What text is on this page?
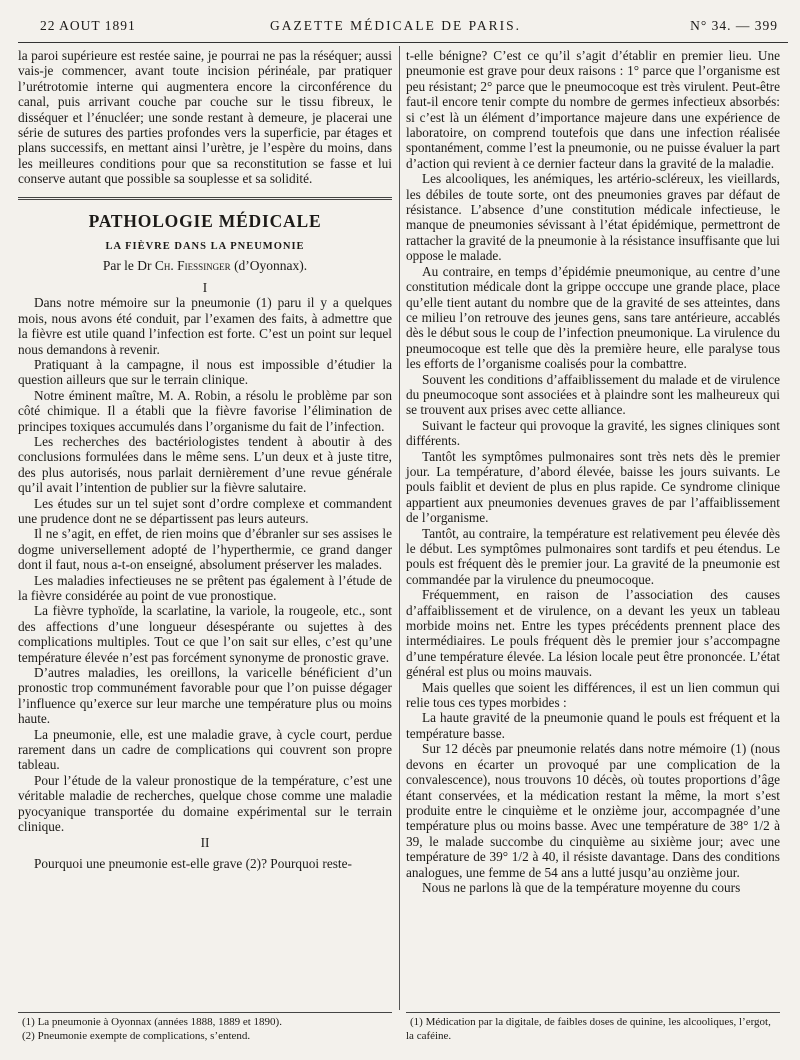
22 AOUT 1891	GAZETTE MÉDICALE DE PARIS.	N° 34. — 399

la paroi supérieure est restée saine, je pourrai ne pas la réséquer; aussi vais-je commencer, avant toute incision périnéale, par pratiquer l’urétrotomie interne qui augmentera encore la circonférence du canal, puis arrivant couche par couche sur le tissu fibreux, le disséquer et l’énucléer; une sonde restant à demeure, je placerai une série de sutures des parties profondes vers la superficie, par étages et plans successifs, en mettant ainsi l’urètre, je l’espère du moins, dans les meilleures conditions pour que sa reconstitution se fasse et lui conserve autant que possible sa souplesse et sa solidité.

PATHOLOGIE MÉDICALE
LA FIÈVRE DANS LA PNEUMONIE
Par le Dr Ch. Fiessinger (d’Oyonnax).

I

Dans notre mémoire sur la pneumonie (1) paru il y a quelques mois, nous avons été conduit, par l’examen des faits, à admettre que la fièvre est utile quand l’infection est forte. C’est un point sur lequel nous demandons à revenir.

Pratiquant à la campagne, il nous est impossible d’étudier la question ailleurs que sur le terrain clinique.

Notre éminent maître, M. A. Robin, a résolu le problème par son côté chimique. Il a établi que la fièvre favorise l’élimination de principes toxiques accumulés dans l’organisme du fait de l’infection.

Les recherches des bactériologistes tendent à aboutir à des conclusions formulées dans le même sens. L’un deux et à juste titre, des plus autorisés, nous parlait dernièrement d’une revue générale qu’il avait l’intention de publier sur la fièvre salutaire.

Les études sur un tel sujet sont d’ordre complexe et commandent une prudence dont ne se départissent pas leurs auteurs.

Il ne s’agit, en effet, de rien moins que d’ébranler sur ses assises le dogme universellement adopté de l’hyperthermie, ce grand danger dont il faut, nous a-t-on enseigné, absolument préserver les malades.

Les maladies infectieuses ne se prêtent pas également à l’étude de la fièvre considérée au point de vue pronostique.

La fièvre typhoïde, la scarlatine, la variole, la rougeole, etc., sont des affections d’une longueur désespérante ou sujettes à des complications multiples. Tout ce que l’on sait sur elles, c’est qu’une température élevée n’est pas forcément synonyme de pronostic grave.

D’autres maladies, les oreillons, la varicelle bénéficient d’un pronostic trop communément favorable pour que l’on puisse dégager l’influence qu’exerce sur leur marche une température plus ou moins haute.

La pneumonie, elle, est une maladie grave, à cycle court, perdue rarement dans un cadre de complications qui couvrent son propre tableau.

Pour l’étude de la valeur pronostique de la température, c’est une véritable maladie de recherches, quelque chose comme une maladie pyocyanique transportée du domaine expérimental sur le terrain clinique.

II

Pourquoi une pneumonie est-elle grave (2)? Pourquoi reste-

t-elle bénigne? C’est ce qu’il s’agit d’établir en premier lieu. Une pneumonie est grave pour deux raisons : 1° parce que l’organisme est peu résistant; 2° parce que le pneumocoque est très virulent. Peut-être faut-il encore tenir compte du nombre de germes infectieux absorbés: si c’est là un élément d’importance majeure dans une expérience de laboratoire, on comprend toutefois que dans une infection réalisée spontanément, comme l’est la pneumonie, ou ne puisse évaluer la part d’action qui revient à ce dernier facteur dans la gravité de la maladie.

Les alcooliques, les anémiques, les artério-scléreux, les vieillards, les débiles de toute sorte, ont des pneumonies graves par défaut de résistance. L’absence d’une constitution médicale infectieuse, le manque de pneumonies sévissant à l’état épidémique, permettront de rattacher la gravité de la pneumonie à la résistance insuffisante que lui oppose le malade.

Au contraire, en temps d’épidémie pneumonique, au centre d’une constitution médicale dont la grippe occcupe une grande place, place qu’elle tient autant du nombre que de la gravité de ses atteintes, dans ce milieu l’on retrouve des jeunes gens, sans tare antérieure, accablés dès le début sous le coup de l’infection pneumonique. La virulence du pneumocoque est telle que dès la première heure, elle paralyse tous les efforts de l’organisme coalisés pour la combattre.

Souvent les conditions d’affaiblissement du malade et de virulence du pneumocoque sont associées et à plaindre sont les malheureux qui se trouvent aux prises avec cette alliance.

Suivant le facteur qui provoque la gravité, les signes cliniques sont différents.

Tantôt les symptômes pulmonaires sont très nets dès le premier jour. La température, d’abord élevée, baisse les jours suivants. Le pouls faiblit et devient de plus en plus rapide. Ce syndrome clinique appartient aux pneumonies devenues graves de par l’affaiblissement de l’organisme.

Tantôt, au contraire, la température est relativement peu élevée dès le début. Les symptômes pulmonaires sont tardifs et peu étendus. Le pouls est fréquent dès le premier jour. La gravité de la pneumonie est commandée par la virulence du pneumocoque.

Fréquemment, en raison de l’association des causes d’affaiblissement et de virulence, on a devant les yeux un tableau morbide moins net. Entre les types précédents prennent place des intermédiaires. Le pouls fréquent dès le premier jour s’accompagne d’une température élevée. La lésion locale peut être prononcée. L’état général est plus ou moins mauvais.

Mais quelles que soient les différences, il est un lien commun qui relie tous ces types morbides :

La haute gravité de la pneumonie quand le pouls est fréquent et la température basse.

Sur 12 décès par pneumonie relatés dans notre mémoire (1) (nous devons en écarter un provoqué par une complication de la convalescence), nous trouvons 10 décès, où toutes proportions d’âge étant conservées, et la médication restant la même, la mort s’est produite entre le cinquième et le onzième jour, accompagnée d’une température plus ou moins basse. Avec une température de 38° 1/2 à 39, le malade succombe du cinquième au sixième jour; avec une température de 39° 1/2 à 40, il résiste davantage. Dans des conditions analogues, une femme de 54 ans a lutté jusqu’au onzième jour.

Nous ne parlons là que de la température moyenne du cours

(1) La pneumonie à Oyonnax (années 1888, 1889 et 1890).

(2) Pneumonie exempte de complications, s’entend.

(1) Médication par la digitale, de faibles doses de quinine, les alcooliques, l’ergot, la caféine.
